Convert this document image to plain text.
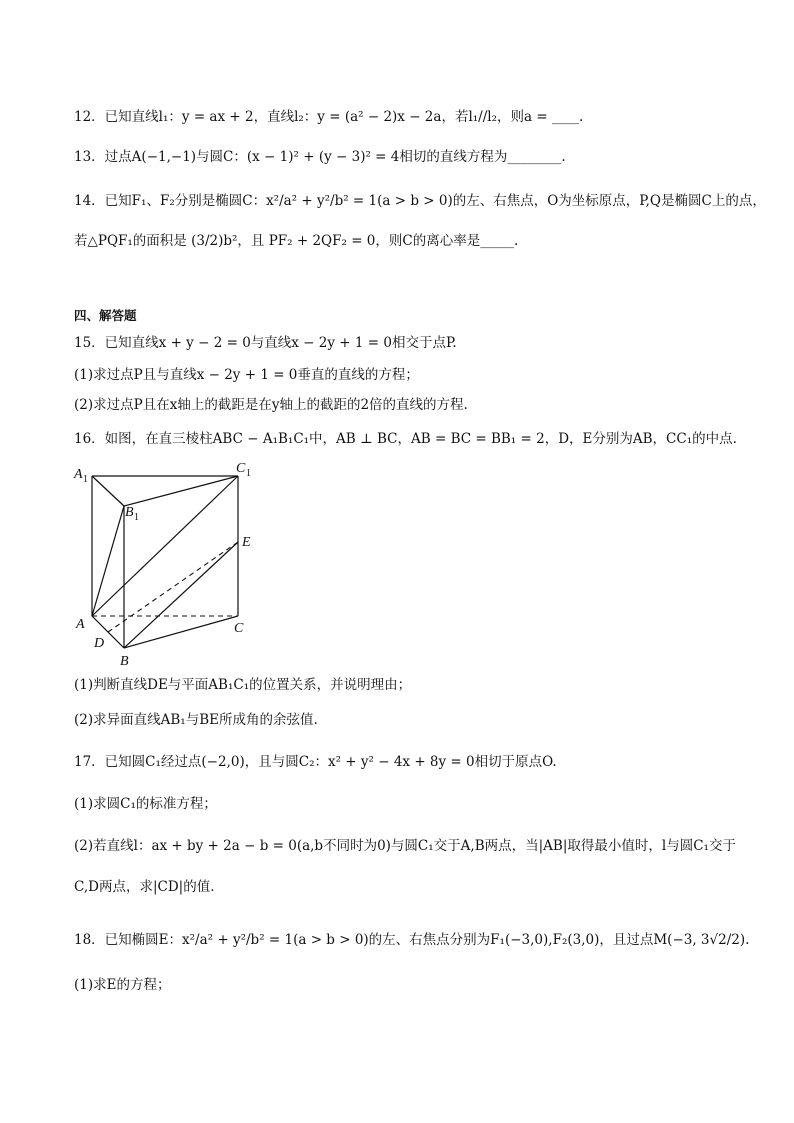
12．已知直线l₁：y = ax + 2，直线l₂：y = (a² − 2)x − 2a，若l₁//l₂，则a = ____.
13．过点A(−1,−1)与圆C：(x − 1)² + (y − 3)² = 4相切的直线方程为________.
14．已知F₁、F₂分别是椭圆C：x²/a² + y²/b² = 1(a > b > 0)的左、右焦点，O为坐标原点，P,Q是椭圆C上的点，
若△PQF₁的面积是 (3/2)b²，且 PF₂ + 2QF₂ = 0，则C的离心率是_____.
四、解答题
15．已知直线x + y − 2 = 0与直线x − 2y + 1 = 0相交于点P.
(1)求过点P且与直线x − 2y + 1 = 0垂直的直线的方程；
(2)求过点P且在x轴上的截距是在y轴上的截距的2倍的直线的方程.
16．如图，在直三棱柱ABC − A₁B₁C₁中，AB ⊥ BC，AB = BC = BB₁ = 2，D，E分别为AB，CC₁的中点.
A 1
C 1
B 1
E
A	C
D
B
(1)判断直线DE与平面AB₁C₁的位置关系，并说明理由；
(2)求异面直线AB₁与BE所成角的余弦值.
17．已知圆C₁经过点(−2,0)，且与圆C₂：x² + y² − 4x + 8y = 0相切于原点O.
(1)求圆C₁的标准方程；
(2)若直线l：ax + by + 2a − b = 0(a,b不同时为0)与圆C₁交于A,B两点，当|AB|取得最小值时，l与圆C₁交于
C,D两点，求|CD|的值.
18．已知椭圆E：x²/a² + y²/b² = 1(a > b > 0)的左、右焦点分别为F₁(−3,0),F₂(3,0)，且过点M(−3, 3√2/2).
(1)求E的方程；
